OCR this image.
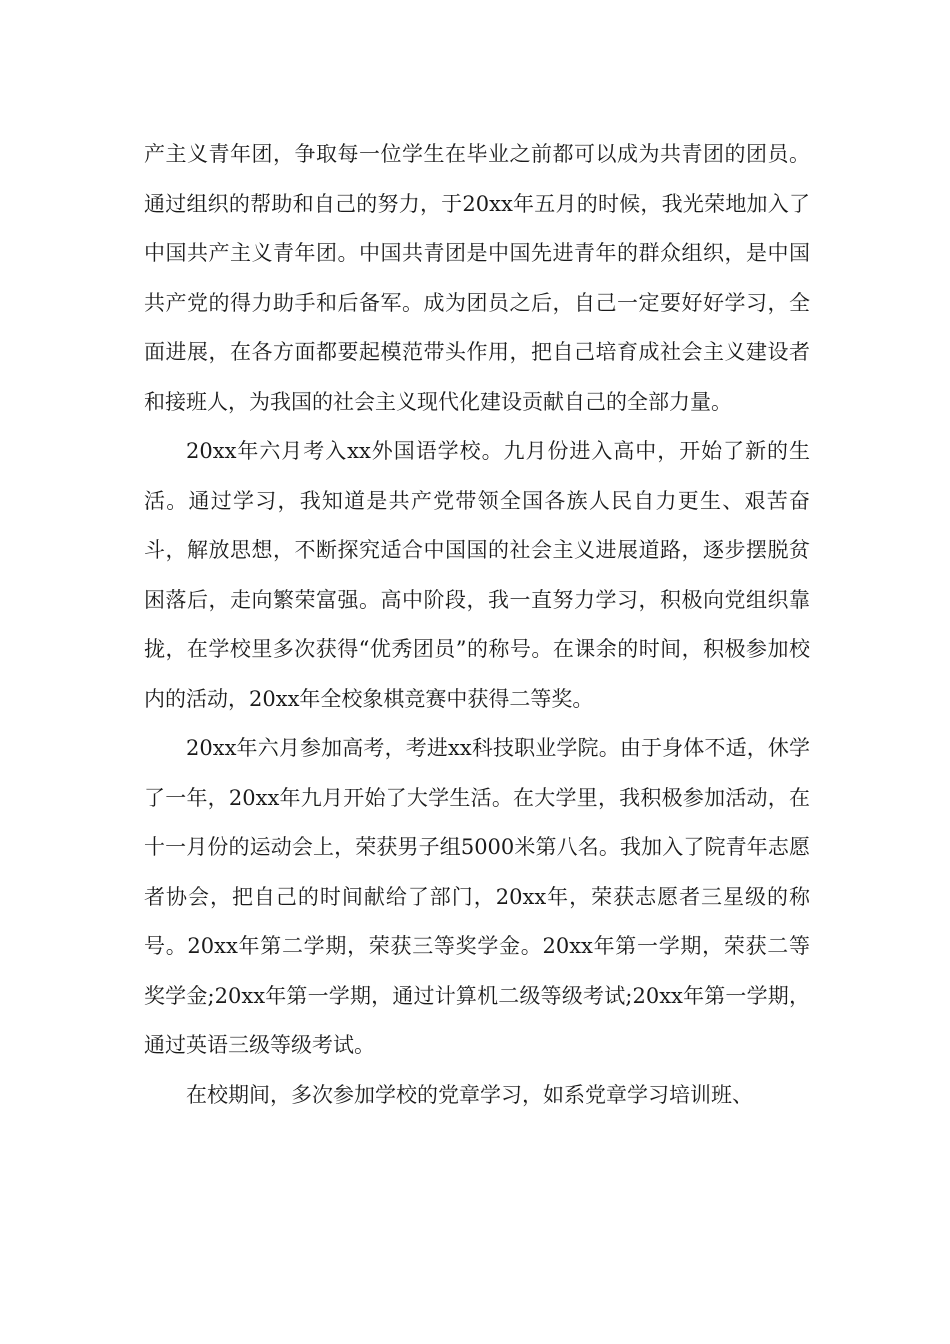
产主义青年团，争取每一位学生在毕业之前都可以成为共青团的团员。通过组织的帮助和自己的努力，于20xx年五月的时候，我光荣地加入了中国共产主义青年团。中国共青团是中国先进青年的群众组织，是中国共产党的得力助手和后备军。成为团员之后，自己一定要好好学习，全面进展，在各方面都要起模范带头作用，把自己培育成社会主义建设者和接班人，为我国的社会主义现代化建设贡献自己的全部力量。

20xx年六月考入xx外国语学校。九月份进入高中，开始了新的生活。通过学习，我知道是共产党带领全国各族人民自力更生、艰苦奋斗，解放思想，不断探究适合中国国的社会主义进展道路，逐步摆脱贫困落后，走向繁荣富强。高中阶段，我一直努力学习，积极向党组织靠拢，在学校里多次获得“优秀团员”的称号。在课余的时间，积极参加校内的活动，20xx年全校象棋竞赛中获得二等奖。

20xx年六月参加高考，考进xx科技职业学院。由于身体不适，休学了一年，20xx年九月开始了大学生活。在大学里，我积极参加活动，在十一月份的运动会上，荣获男子组5000米第八名。我加入了院青年志愿者协会，把自己的时间献给了部门，20xx年，荣获志愿者三星级的称号。20xx年第二学期，荣获三等奖学金。20xx年第一学期，荣获二等奖学金;20xx年第一学期，通过计算机二级等级考试;20xx年第一学期，通过英语三级等级考试。

在校期间，多次参加学校的党章学习，如系党章学习培训班、
